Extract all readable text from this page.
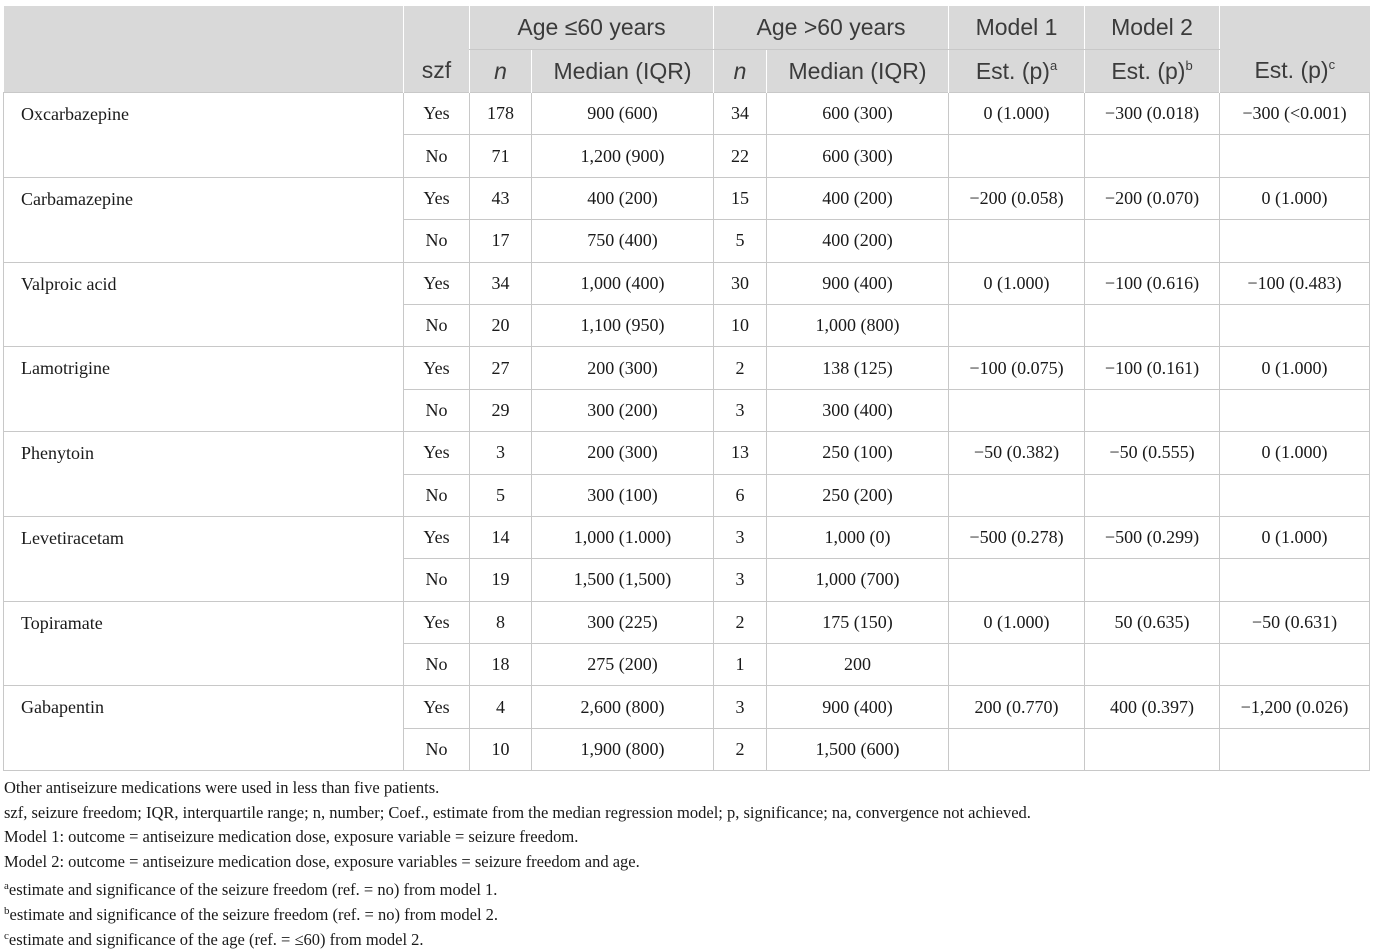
		Age ≤60 years		Age >60 years		Model 1	Model 2	
	szf	n	Median (IQR)	n	Median (IQR)	Est. $(p)^a$	Est. $(p)^b$	Est. $(p)^c$
Oxcarbazepine	Yes	178	900 (600)	34	600 (300)	0 (1.000)	−300 (0.018)	−300 (<0.001)
	No	71	1,200 (900)	22	600 (300)			
Carbamazepine	Yes	43	400 (200)	15	400 (200)	−200 (0.058)	−200 (0.070)	0 (1.000)
	No	17	750 (400)	5	400 (200)			
Valproic acid	Yes	34	1,000 (400)	30	900 (400)	0 (1.000)	−100 (0.616)	−100 (0.483)
	No	20	1,100 (950)	10	1,000 (800)			
Lamotrigine	Yes	27	200 (300)	2	138 (125)	−100 (0.075)	−100 (0.161)	0 (1.000)
	No	29	300 (200)	3	300 (400)			
Phenytoin	Yes	3	200 (300)	13	250 (100)	−50 (0.382)	−50 (0.555)	0 (1.000)
	No	5	300 (100)	6	250 (200)			
Levetiracetam	Yes	14	1,000 (1.000)	3	1,000 (0)	−500 (0.278)	−500 (0.299)	0 (1.000)
	No	19	1,500 (1,500)	3	1,000 (700)			
Topiramate	Yes	8	300 (225)	2	175 (150)	0 (1.000)	50 (0.635)	−50 (0.631)
	No	18	275 (200)	1	200			
Gabapentin	Yes	4	2,600 (800)	3	900 (400)	200 (0.770)	400 (0.397)	−1,200 (0.026)
	No	10	1,900 (800)	2	1,500 (600)			
Other antiseizure medications were used in less than five patients.
szf, seizure freedom; IQR, interquartile range; n, number; Coef., estimate from the median regression model; p, significance; na, convergence not achieved.
Model 1: outcome = antiseizure medication dose, exposure variable = seizure freedom.
Model 2: outcome = antiseizure medication dose, exposure variables = seizure freedom and age.
$^a$estimate and significance of the seizure freedom (ref. = no) from model 1.
$^b$estimate and significance of the seizure freedom (ref. = no) from model 2.
$^c$estimate and significance of the age (ref. = ≤60) from model 2.
